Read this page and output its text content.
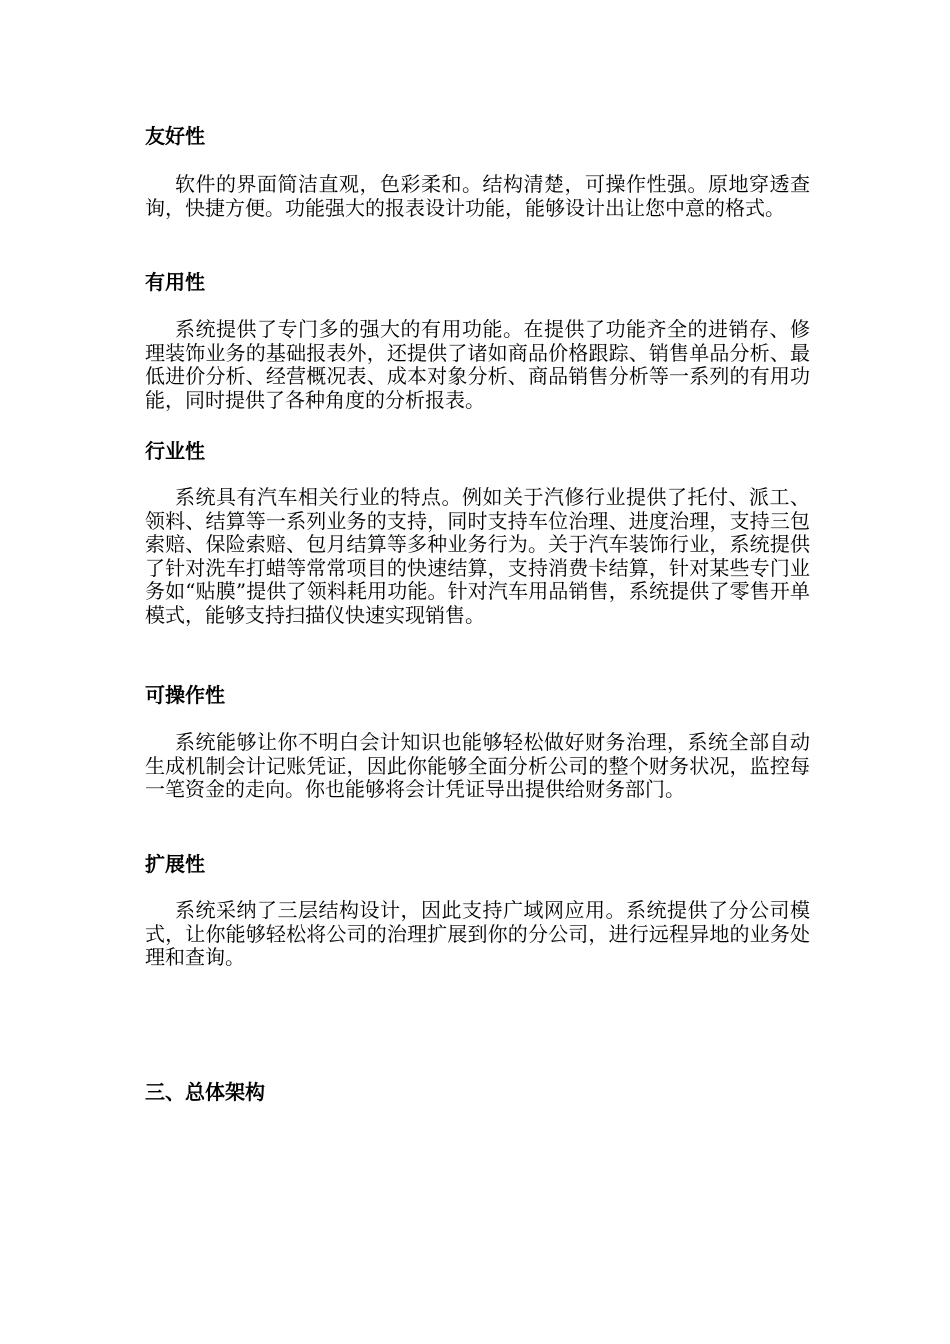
友好性

软件的界面简洁直观，色彩柔和。结构清楚，可操作性强。原地穿透查询，快捷方便。功能强大的报表设计功能，能够设计出让您中意的格式。

有用性

系统提供了专门多的强大的有用功能。在提供了功能齐全的进销存、修理装饰业务的基础报表外，还提供了诸如商品价格跟踪、销售单品分析、最低进价分析、经营概况表、成本对象分析、商品销售分析等一系列的有用功能，同时提供了各种角度的分析报表。

行业性

系统具有汽车相关行业的特点。例如关于汽修行业提供了托付、派工、领料、结算等一系列业务的支持，同时支持车位治理、进度治理，支持三包索赔、保险索赔、包月结算等多种业务行为。关于汽车装饰行业，系统提供了针对洗车打蜡等常常项目的快速结算，支持消费卡结算，针对某些专门业务如“贴膜”提供了领料耗用功能。针对汽车用品销售，系统提供了零售开单模式，能够支持扫描仪快速实现销售。

可操作性

系统能够让你不明白会计知识也能够轻松做好财务治理，系统全部自动生成机制会计记账凭证，因此你能够全面分析公司的整个财务状况，监控每一笔资金的走向。你也能够将会计凭证导出提供给财务部门。

扩展性

系统采纳了三层结构设计，因此支持广域网应用。系统提供了分公司模式，让你能够轻松将公司的治理扩展到你的分公司，进行远程异地的业务处理和查询。

三、总体架构
